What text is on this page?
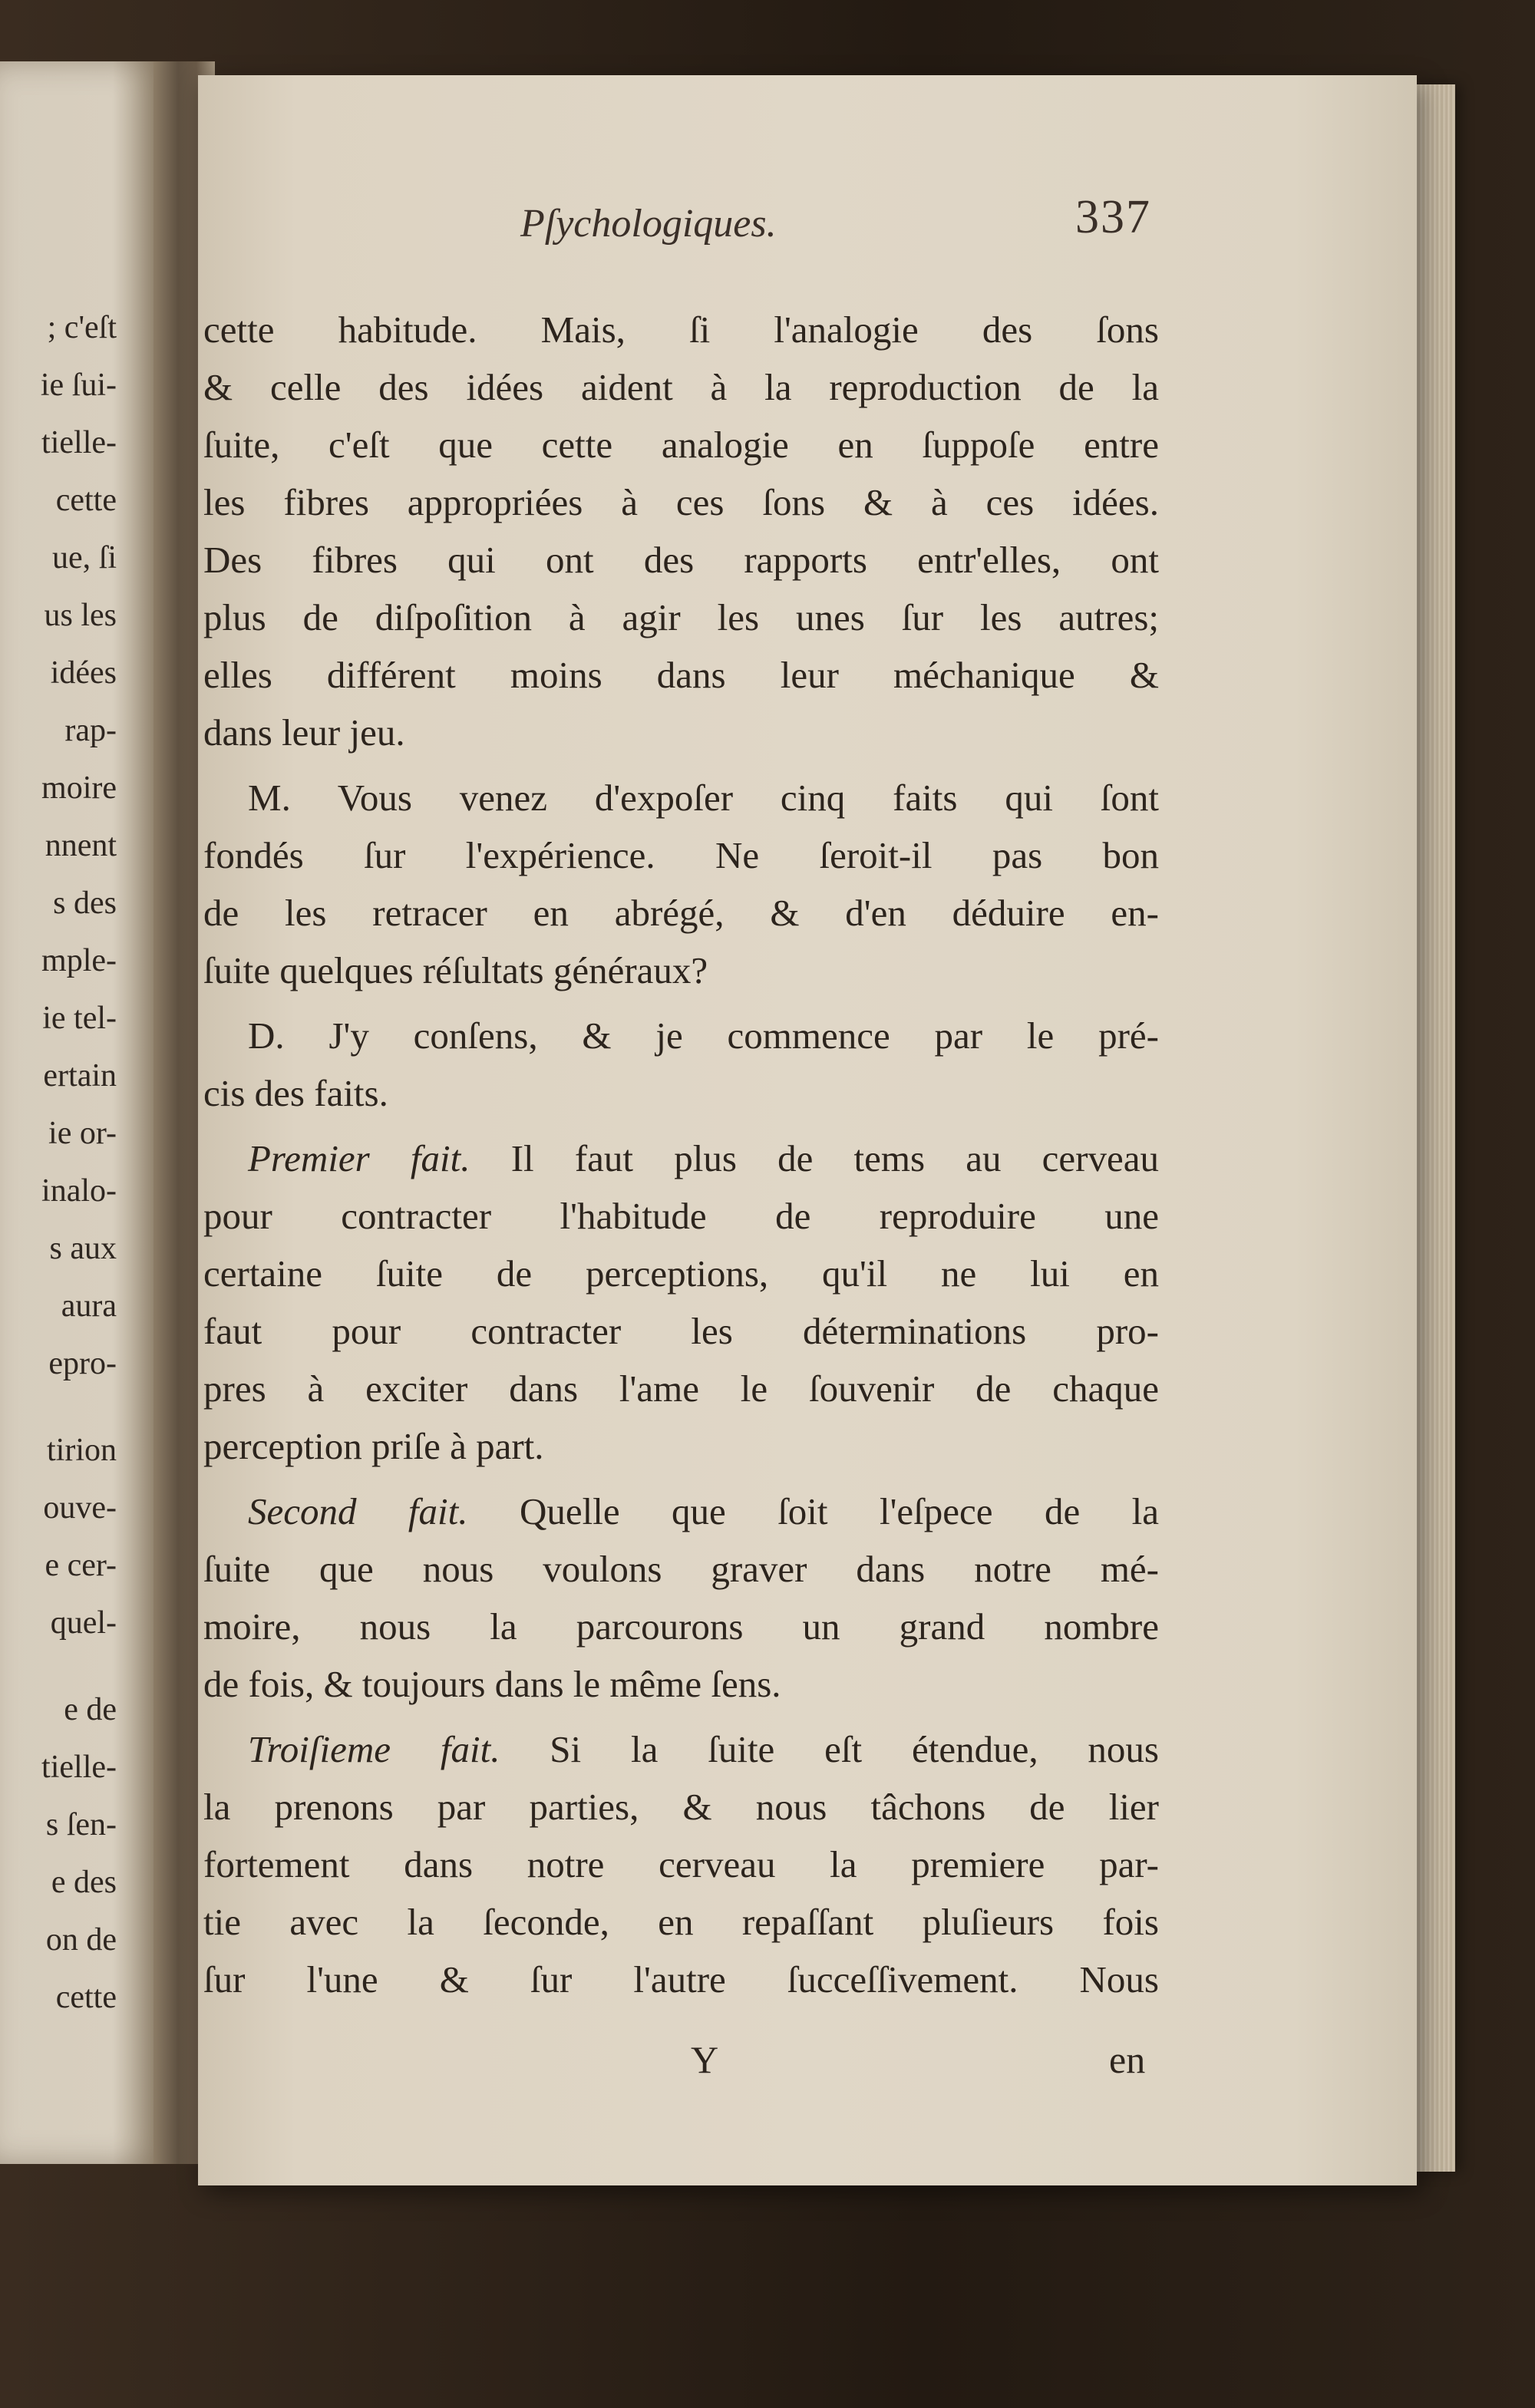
; c'eſt
ie ſui-
tielle-
cette
ue, ſi
us les
idées
rap-
moire
nnent
s des
mple-
ie tel-
ertain
ie or-
inalo-
s aux
aura
epro-
tirion
ouve-
e cer-
quel-
e de
tielle-
s ſen-
e des
on de
cette
Pſychologiques.	337
cette habitude. Mais, ſi l'analogie des ſons
& celle des idées aident à la reproduction de la
ſuite, c'eſt que cette analogie en ſuppoſe entre
les fibres appropriées à ces ſons & à ces idées.
Des fibres qui ont des rapports entr'elles, ont
plus de diſpoſition à agir les unes ſur les autres;
elles différent moins dans leur méchanique &
dans leur jeu.
M. Vous venez d'expoſer cinq faits qui ſont
fondés ſur l'expérience. Ne ſeroit-il pas bon
de les retracer en abrégé, & d'en déduire en-
ſuite quelques réſultats généraux?
D. J'y conſens, & je commence par le pré-
cis des faits.
Premier fait. Il faut plus de tems au cerveau
pour contracter l'habitude de reproduire une
certaine ſuite de perceptions, qu'il ne lui en
faut pour contracter les déterminations pro-
pres à exciter dans l'ame le ſouvenir de chaque
perception priſe à part.
Second fait. Quelle que ſoit l'eſpece de la
ſuite que nous voulons graver dans notre mé-
moire, nous la parcourons un grand nombre
de fois, & toujours dans le même ſens.
Troiſieme fait. Si la ſuite eſt étendue, nous
la prenons par parties, & nous tâchons de lier
fortement dans notre cerveau la premiere par-
tie avec la ſeconde, en repaſſant pluſieurs fois
ſur l'une & ſur l'autre ſucceſſivement. Nous
Y	en
